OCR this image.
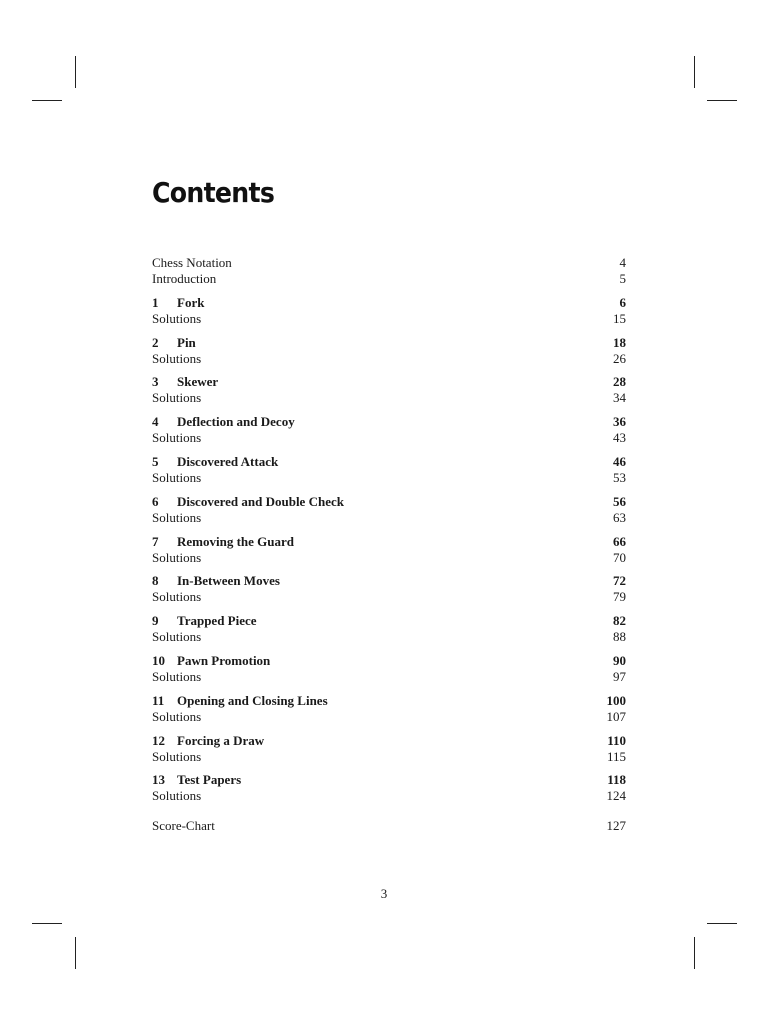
Contents
Chess Notation	4
Introduction	5
1 Fork	6
Solutions	15
2 Pin	18
Solutions	26
3 Skewer	28
Solutions	34
4 Deflection and Decoy	36
Solutions	43
5 Discovered Attack	46
Solutions	53
6 Discovered and Double Check	56
Solutions	63
7 Removing the Guard	66
Solutions	70
8 In-Between Moves	72
Solutions	79
9 Trapped Piece	82
Solutions	88
10 Pawn Promotion	90
Solutions	97
11 Opening and Closing Lines	100
Solutions	107
12 Forcing a Draw	110
Solutions	115
13 Test Papers	118
Solutions	124
Score-Chart	127
3
